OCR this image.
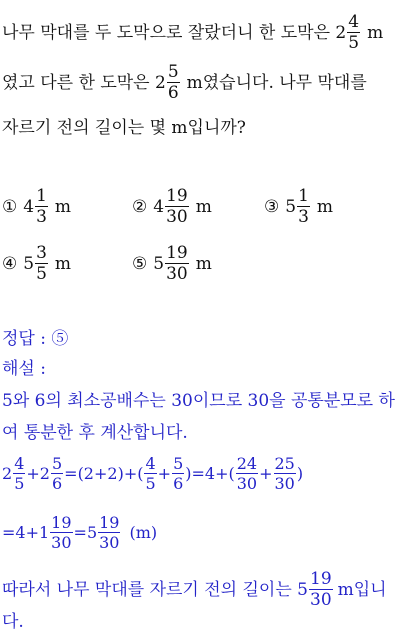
나무 막대를 두 도막으로 잘랐더니 한 도막은 $2 \frac{4}{5}$ m
였고 다른 한 도막은 $2 \frac{5}{6}$ m였습니다. 나무 막대를
자르기 전의 길이는 몇 m입니까?
① $4 \frac{1}{3}$ m	② $4 \frac{19}{30}$ m	③ $5 \frac{1}{3}$ m
④ $5 \frac{3}{5}$ m	⑤ $5 \frac{19}{30}$ m
정답 : ⑤
해설 :
5와 6의 최소공배수는 30이므로 30을 공통분모로 하
여 통분한 후 계산합니다.
$2 \frac{4}{5} + 2 \frac{5}{6} =(2+2)+( \frac{4}{5} + \frac{5}{6} )=4+( \frac{24}{30} + \frac{25}{30}$ )
$=4+1 \frac{19}{30} =5 \frac{19}{30} (m)$
따라서 나무 막대를 자르기 전의 길이는 $5 \frac{19}{30}$ m입니
다.
